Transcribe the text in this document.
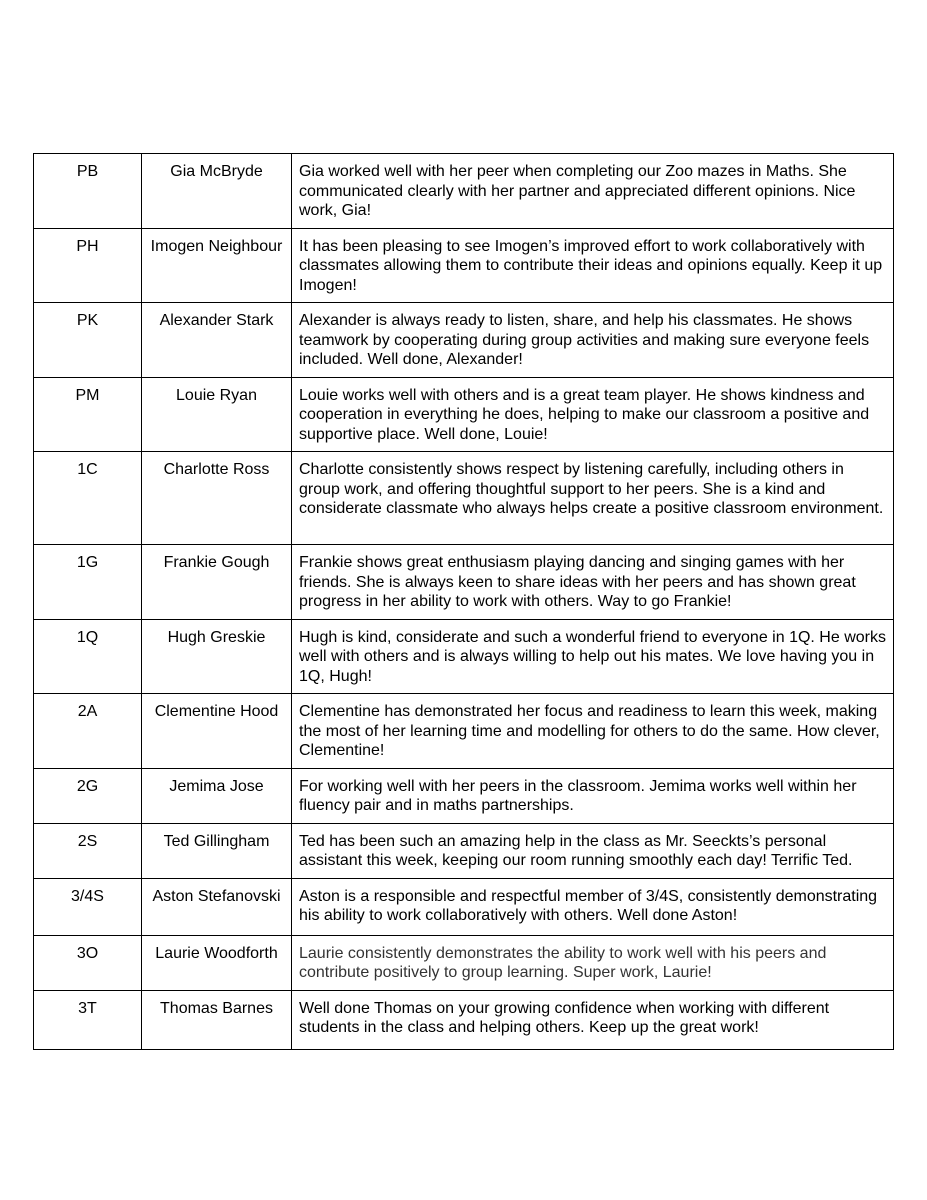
PB	Gia McBryde	Gia worked well with her peer when completing our Zoo mazes in Maths. She communicated clearly with her partner and appreciated different opinions. Nice work, Gia!
PH	Imogen Neighbour	It has been pleasing to see Imogen’s improved effort to work collaboratively with classmates allowing them to contribute their ideas and opinions equally. Keep it up Imogen!
PK	Alexander Stark	Alexander is always ready to listen, share, and help his classmates. He shows teamwork by cooperating during group activities and making sure everyone feels included. Well done, Alexander!
PM	Louie Ryan	Louie works well with others and is a great team player. He shows kindness and cooperation in everything he does, helping to make our classroom a positive and supportive place. Well done, Louie!
1C	Charlotte Ross	Charlotte consistently shows respect by listening carefully, including others in group work, and offering thoughtful support to her peers. She is a kind and considerate classmate who always helps create a positive classroom environment.
1G	Frankie Gough	Frankie shows great enthusiasm playing dancing and singing games with her friends. She is always keen to share ideas with her peers and has shown great progress in her ability to work with others. Way to go Frankie!
1Q	Hugh Greskie	Hugh is kind, considerate and such a wonderful friend to everyone in 1Q. He works well with others and is always willing to help out his mates. We love having you in 1Q, Hugh!
2A	Clementine Hood	Clementine has demonstrated her focus and readiness to learn this week, making the most of her learning time and modelling for others to do the same. How clever, Clementine!
2G	Jemima Jose	For working well with her peers in the classroom. Jemima works well within her fluency pair and in maths partnerships.
2S	Ted Gillingham	Ted has been such an amazing help in the class as Mr. Seeckts’s personal assistant this week, keeping our room running smoothly each day! Terrific Ted.
3/4S	Aston Stefanovski	Aston is a responsible and respectful member of 3/4S, consistently demonstrating his ability to work collaboratively with others. Well done Aston!
3O	Laurie Woodforth	Laurie consistently demonstrates the ability to work well with his peers and contribute positively to group learning. Super work, Laurie!
3T	Thomas Barnes	Well done Thomas on your growing confidence when working with different students in the class and helping others. Keep up the great work!
